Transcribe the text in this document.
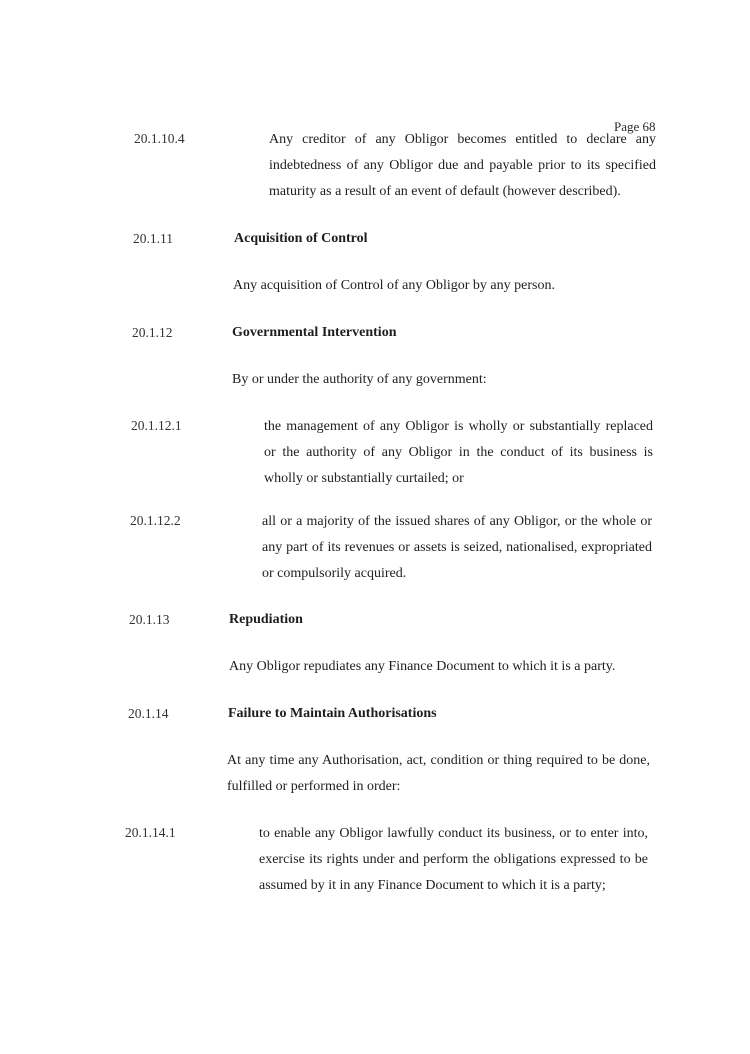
Page 68
20.1.10.4	Any creditor of any Obligor becomes entitled to declare any
indebtedness of any Obligor due and payable prior to its specified
maturity as a result of an event of default (however described).
20.1.11	Acquisition of Control
Any acquisition of Control of any Obligor by any person.
20.1.12	Governmental Intervention
By or under the authority of any government:
20.1.12.1	the management of any Obligor is wholly or substantially replaced
or the authority of any Obligor in the conduct of its business is
wholly or substantially curtailed; or
20.1.12.2	all or a majority of the issued shares of any Obligor, or the whole or
any part of its revenues or assets is seized, nationalised, expropriated
or compulsorily acquired.
20.1.13	Repudiation
Any Obligor repudiates any Finance Document to which it is a party.
20.1.14	Failure to Maintain Authorisations
At any time any Authorisation, act, condition or thing required to be done,
fulfilled or performed in order:
20.1.14.1	to enable any Obligor lawfully conduct its business, or to enter into,
exercise its rights under and perform the obligations expressed to be
assumed by it in any Finance Document to which it is a party;
